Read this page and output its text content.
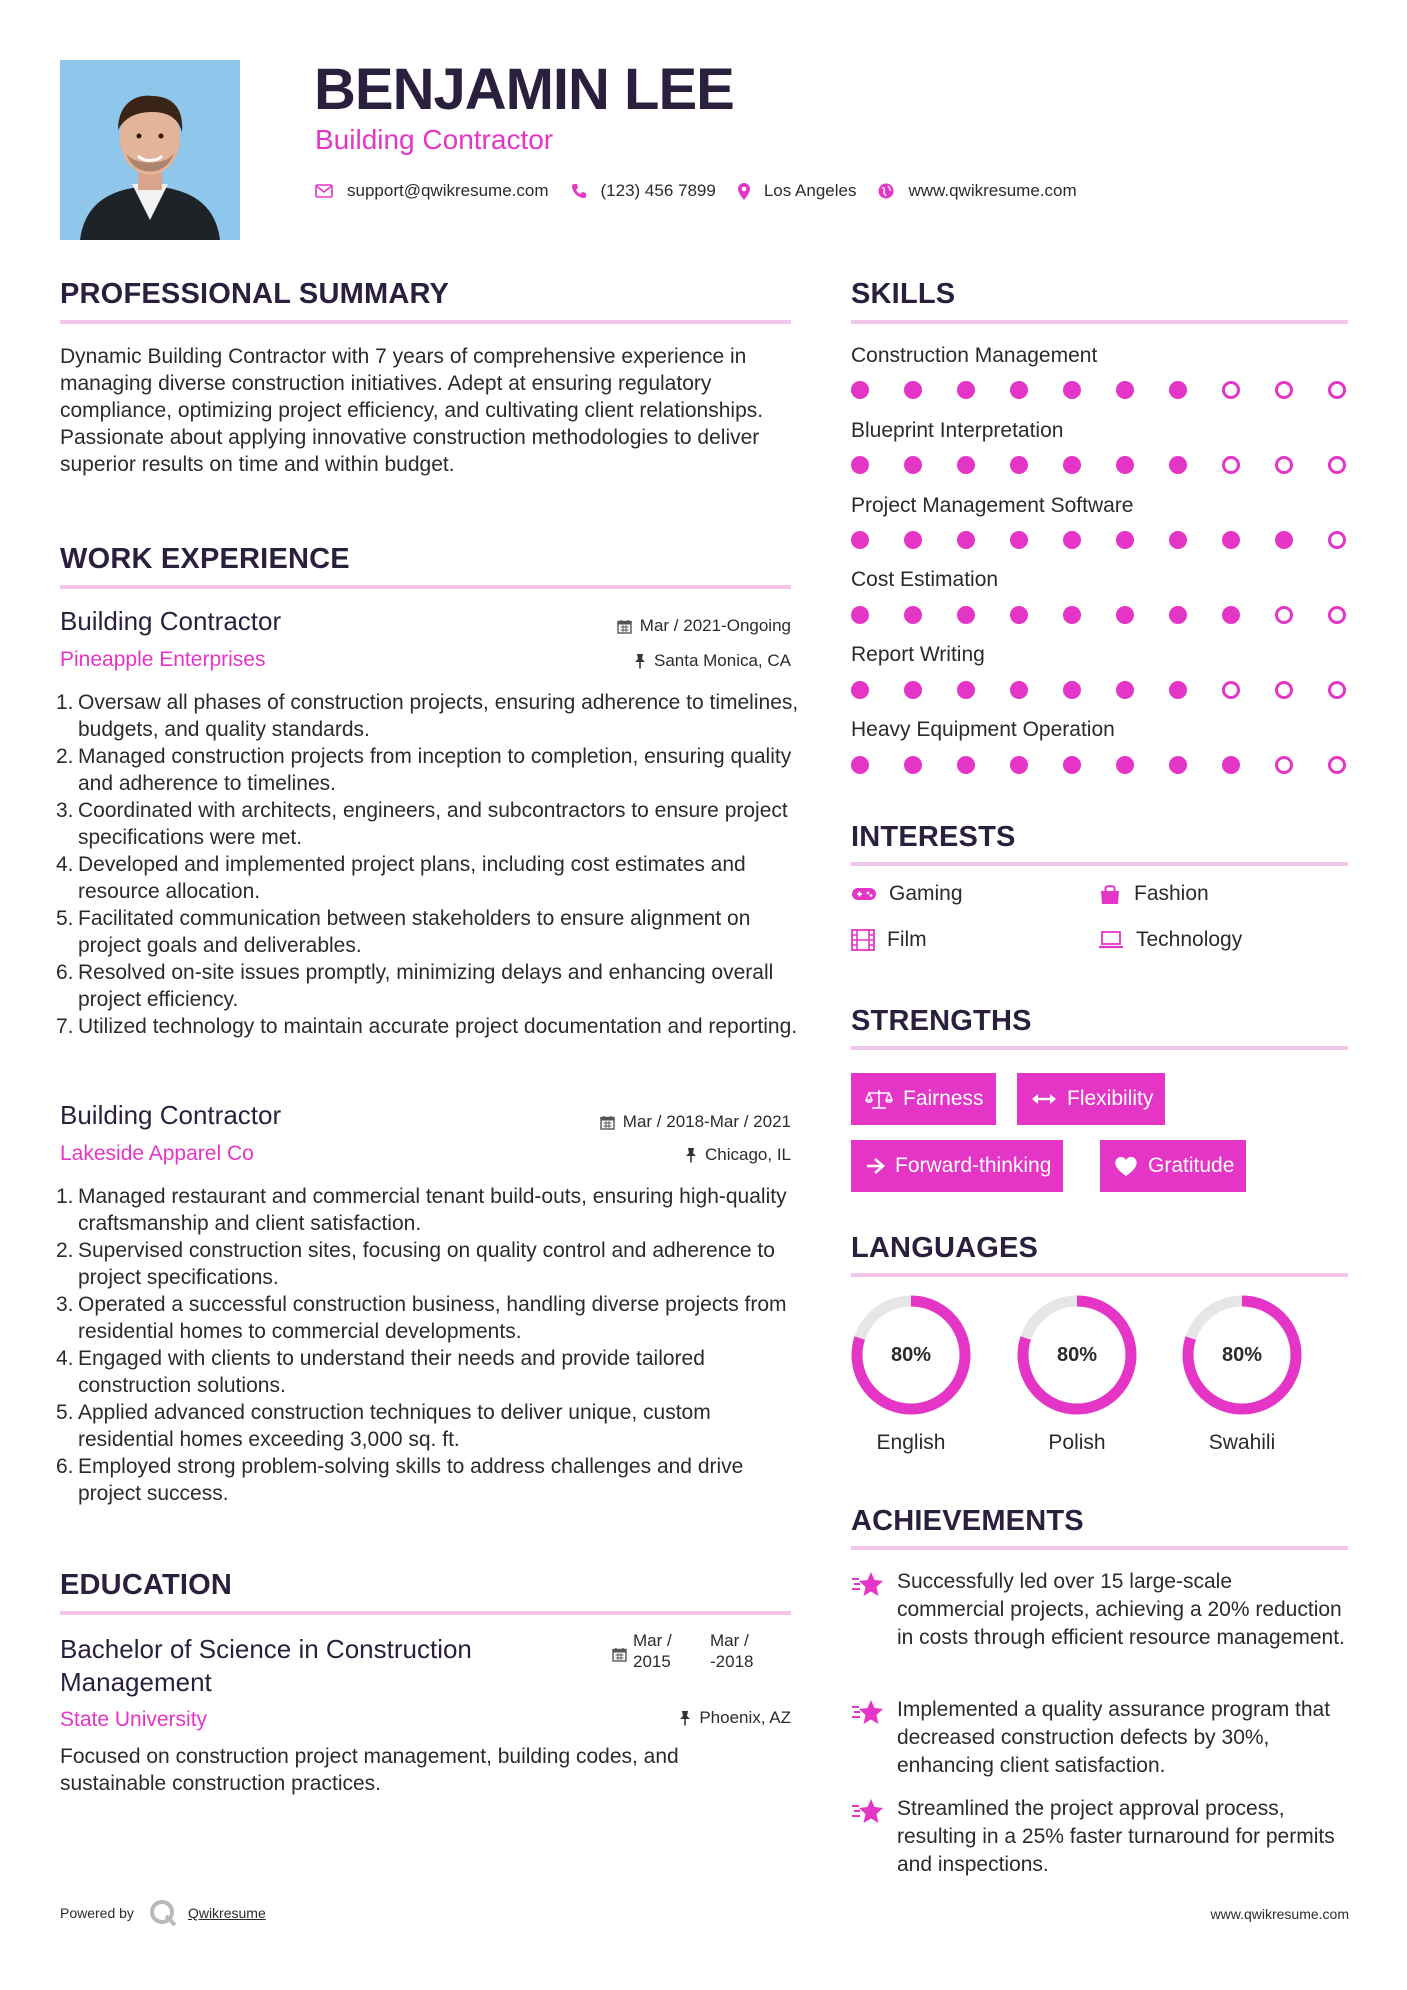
BENJAMIN LEE
Building Contractor
support@qwikresume.com	(123) 456 7899	Los Angeles	www.qwikresume.com
PROFESSIONAL SUMMARY
Dynamic Building Contractor with 7 years of comprehensive experience in managing diverse construction initiatives. Adept at ensuring regulatory compliance, optimizing project efficiency, and cultivating client relationships. Passionate about applying innovative construction methodologies to deliver superior results on time and within budget.
WORK EXPERIENCE
Building Contractor
Pineapple Enterprises
Mar / 2021-Ongoing
Santa Monica, CA
1. Oversaw all phases of construction projects, ensuring adherence to timelines, budgets, and quality standards.
2. Managed construction projects from inception to completion, ensuring quality and adherence to timelines.
3. Coordinated with architects, engineers, and subcontractors to ensure project specifications were met.
4. Developed and implemented project plans, including cost estimates and resource allocation.
5. Facilitated communication between stakeholders to ensure alignment on project goals and deliverables.
6. Resolved on-site issues promptly, minimizing delays and enhancing overall project efficiency.
7. Utilized technology to maintain accurate project documentation and reporting.
Building Contractor
Lakeside Apparel Co
Mar / 2018-Mar / 2021
Chicago, IL
1. Managed restaurant and commercial tenant build-outs, ensuring high-quality craftsmanship and client satisfaction.
2. Supervised construction sites, focusing on quality control and adherence to project specifications.
3. Operated a successful construction business, handling diverse projects from residential homes to commercial developments.
4. Engaged with clients to understand their needs and provide tailored construction solutions.
5. Applied advanced construction techniques to deliver unique, custom residential homes exceeding 3,000 sq. ft.
6. Employed strong problem-solving skills to address challenges and drive project success.
EDUCATION
Bachelor of Science in Construction Management
Mar /
2015
Mar /
-2018
State University	Phoenix, AZ
Focused on construction project management, building codes, and sustainable construction practices.
SKILLS
Construction Management
Blueprint Interpretation
Project Management Software
Cost Estimation
Report Writing
Heavy Equipment Operation
INTERESTS
Gaming	Fashion
Film	Technology
STRENGTHS
Fairness	Flexibility
Forward-thinking	Gratitude
LANGUAGES
80%
English
80%
Polish
80%
Swahili
ACHIEVEMENTS
Successfully led over 15 large-scale commercial projects, achieving a 20% reduction in costs through efficient resource management.
Implemented a quality assurance program that decreased construction defects by 30%, enhancing client satisfaction.
Streamlined the project approval process, resulting in a 25% faster turnaround for permits and inspections.
Powered by	Qwikresume	www.qwikresume.com
